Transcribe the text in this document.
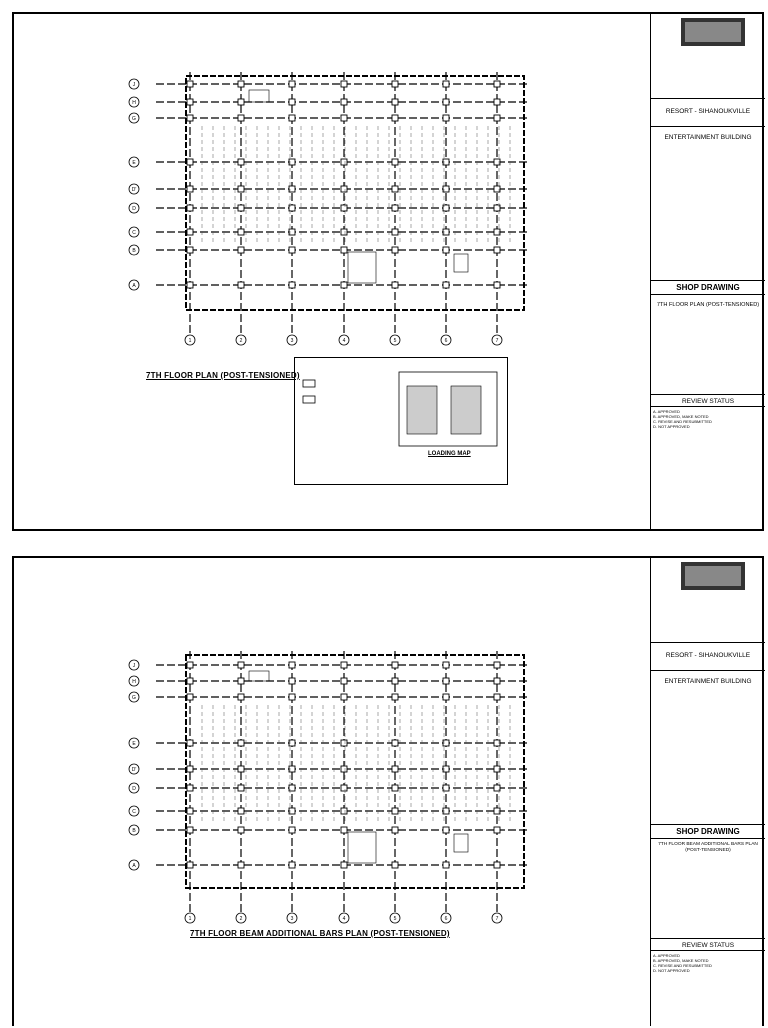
J
H
G
E
D'
D
C
B
A
1	2	3	4	5	6	7
7TH FLOOR PLAN (POST-TENSIONED)
LOADING MAP
RESORT - SIHANOUKVILLE
ENTERTAINMENT BUILDING
SHOP DRAWING
7TH FLOOR PLAN (POST-TENSIONED)
REVIEW STATUS
A. APPROVED
B. APPROVED, MAKE NOTED
C. REVISE AND RESUBMITTED
D. NOT APPROVED
J
H
G
E
D'
D
C
B
A
1	2	3	4	5	6	7
7TH FLOOR BEAM ADDITIONAL BARS PLAN (POST-TENSIONED)
RESORT - SIHANOUKVILLE
ENTERTAINMENT BUILDING
SHOP DRAWING
7TH FLOOR BEAM ADDITIONAL BARS PLAN (POST-TENSIONED)
REVIEW STATUS
A. APPROVED
B. APPROVED, MAKE NOTED
C. REVISE AND RESUBMITTED
D. NOT APPROVED
